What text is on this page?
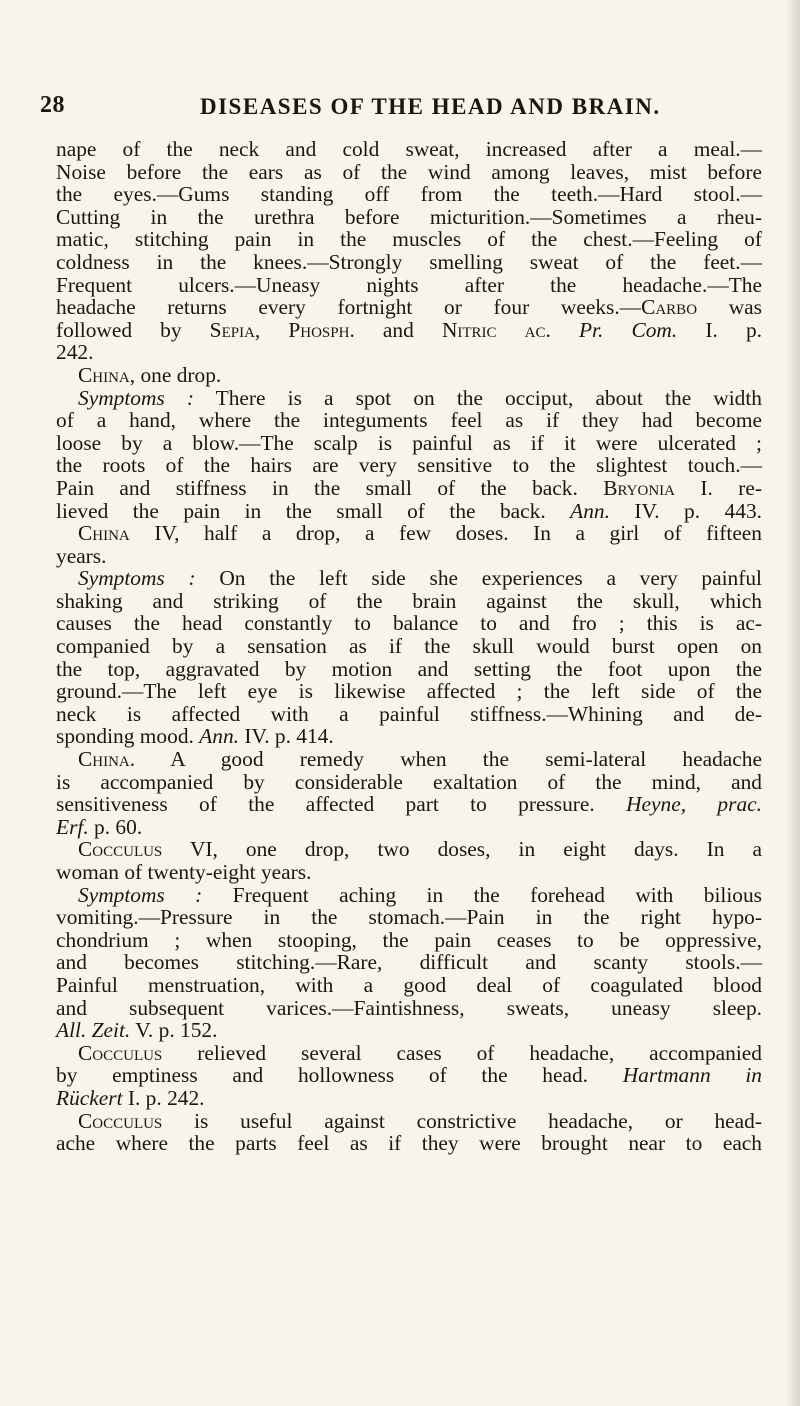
28	DISEASES OF THE HEAD AND BRAIN.
nape of the neck and cold sweat, increased after a meal.—
Noise before the ears as of the wind among leaves, mist before
the eyes.—Gums standing off from the teeth.—Hard stool.—
Cutting in the urethra before micturition.—Sometimes a rheu-
matic, stitching pain in the muscles of the chest.—Feeling of
coldness in the knees.—Strongly smelling sweat of the feet.—
Frequent ulcers.—Uneasy nights after the headache.—The
headache returns every fortnight or four weeks.—Carbo was
followed by Sepia, Phosph. and Nitric ac. Pr. Com. I. p.
242.
China, one drop.
Symptoms : There is a spot on the occiput, about the width
of a hand, where the integuments feel as if they had become
loose by a blow.—The scalp is painful as if it were ulcerated ;
the roots of the hairs are very sensitive to the slightest touch.—
Pain and stiffness in the small of the back. Bryonia I. re-
lieved the pain in the small of the back. Ann. IV. p. 443.
China IV, half a drop, a few doses. In a girl of fifteen
years.
Symptoms : On the left side she experiences a very painful
shaking and striking of the brain against the skull, which
causes the head constantly to balance to and fro ; this is ac-
companied by a sensation as if the skull would burst open on
the top, aggravated by motion and setting the foot upon the
ground.—The left eye is likewise affected ; the left side of the
neck is affected with a painful stiffness.—Whining and de-
sponding mood. Ann. IV. p. 414.
China. A good remedy when the semi-lateral headache
is accompanied by considerable exaltation of the mind, and
sensitiveness of the affected part to pressure. Heyne, prac.
Erf. p. 60.
Cocculus VI, one drop, two doses, in eight days. In a
woman of twenty-eight years.
Symptoms : Frequent aching in the forehead with bilious
vomiting.—Pressure in the stomach.—Pain in the right hypo-
chondrium ; when stooping, the pain ceases to be oppressive,
and becomes stitching.—Rare, difficult and scanty stools.—
Painful menstruation, with a good deal of coagulated blood
and subsequent varices.—Faintishness, sweats, uneasy sleep.
All. Zeit. V. p. 152.
Cocculus relieved several cases of headache, accompanied
by emptiness and hollowness of the head. Hartmann in
Rückert I. p. 242.
Cocculus is useful against constrictive headache, or head-
ache where the parts feel as if they were brought near to each
